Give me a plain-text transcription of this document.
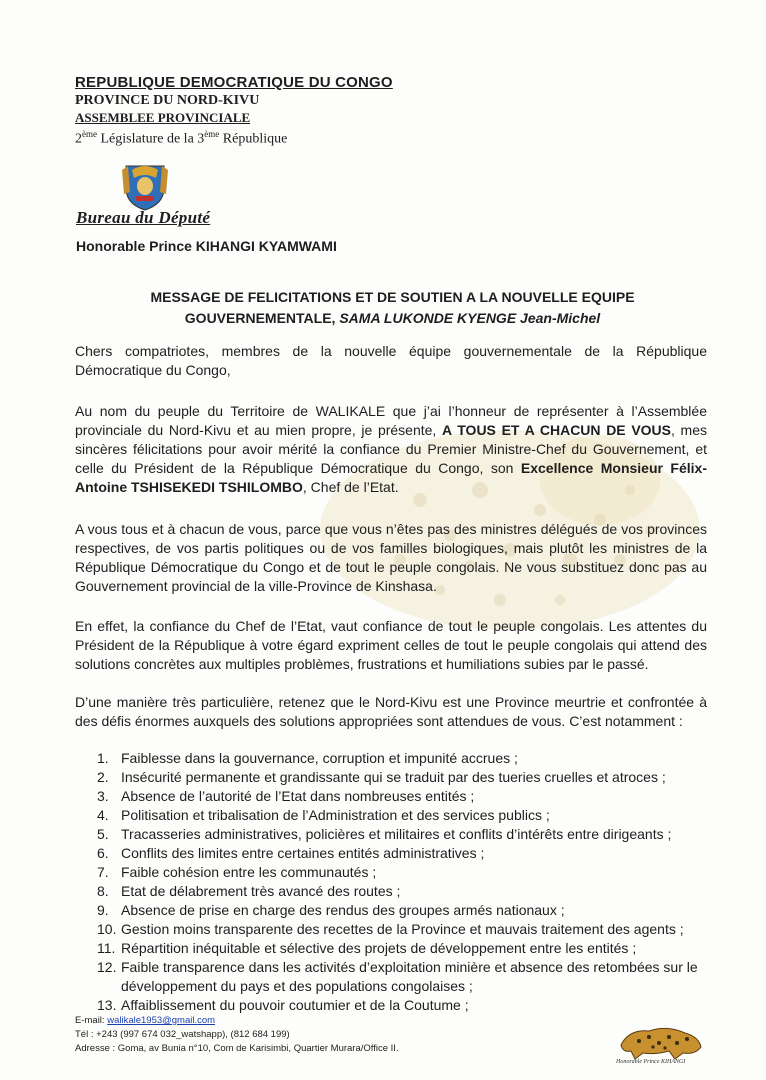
REPUBLIQUE DEMOCRATIQUE DU CONGO
PROVINCE DU NORD-KIVU
ASSEMBLEE PROVINCIALE
2ème Législature de la 3ème République
Bureau du Député
Honorable Prince KIHANGI KYAMWAMI
MESSAGE DE FELICITATIONS ET DE SOUTIEN A LA NOUVELLE EQUIPE
GOUVERNEMENTALE, SAMA LUKONDE KYENGE Jean-Michel

Chers compatriotes, membres de la nouvelle équipe gouvernementale de la République Démocratique du Congo,

Au nom du peuple du Territoire de WALIKALE que j’ai l’honneur de représenter à l’Assemblée provinciale du Nord-Kivu et au mien propre, je présente, A TOUS ET A CHACUN DE VOUS, mes sincères félicitations pour avoir mérité la confiance du Premier Ministre-Chef du Gouvernement, et celle du Président de la République Démocratique du Congo, son Excellence Monsieur Félix-Antoine TSHISEKEDI TSHILOMBO, Chef de l’Etat.

A vous tous et à chacun de vous, parce que vous n’êtes pas des ministres délégués de vos provinces respectives, de vos partis politiques ou de vos familles biologiques, mais plutôt les ministres de la République Démocratique du Congo et de tout le peuple congolais. Ne vous substituez donc pas au Gouvernement provincial de la ville-Province de Kinshasa.

En effet, la confiance du Chef de l’Etat, vaut confiance de tout le peuple congolais. Les attentes du Président de la République à votre égard expriment celles de tout le peuple congolais qui attend des solutions concrètes aux multiples problèmes, frustrations et humiliations subies par le passé.

D’une manière très particulière, retenez que le Nord-Kivu est une Province meurtrie et confrontée à des défis énormes auxquels des solutions appropriées sont attendues de vous. C’est notamment :

1. Faiblesse dans la gouvernance, corruption et impunité accrues ;
2. Insécurité permanente et grandissante qui se traduit par des tueries cruelles et atroces ;
3. Absence de l’autorité de l’Etat dans nombreuses entités ;
4. Politisation et tribalisation de l’Administration et des services publics ;
5. Tracasseries administratives, policières et militaires et conflits d’intérêts entre dirigeants ;
6. Conflits des limites entre certaines entités administratives ;
7. Faible cohésion entre les communautés ;
8. Etat de délabrement très avancé des routes ;
9. Absence de prise en charge des rendus des groupes armés nationaux ;
10. Gestion moins transparente des recettes de la Province et mauvais traitement des agents ;
11. Répartition inéquitable et sélective des projets de développement entre les entités ;
12. Faible transparence dans les activités d’exploitation minière et absence des retombées sur le développement du pays et des populations congolaises ;
13. Affaiblissement du pouvoir coutumier et de la Coutume ;
E-mail: walikale1953@gmail.com
Tél : +243 (997 674 032_watshapp), (812 684 199)
Adresse : Goma, av Bunia n°10, Com de Karisimbi, Quartier Murara/Office II.
Honorable Prince KIHANGI
